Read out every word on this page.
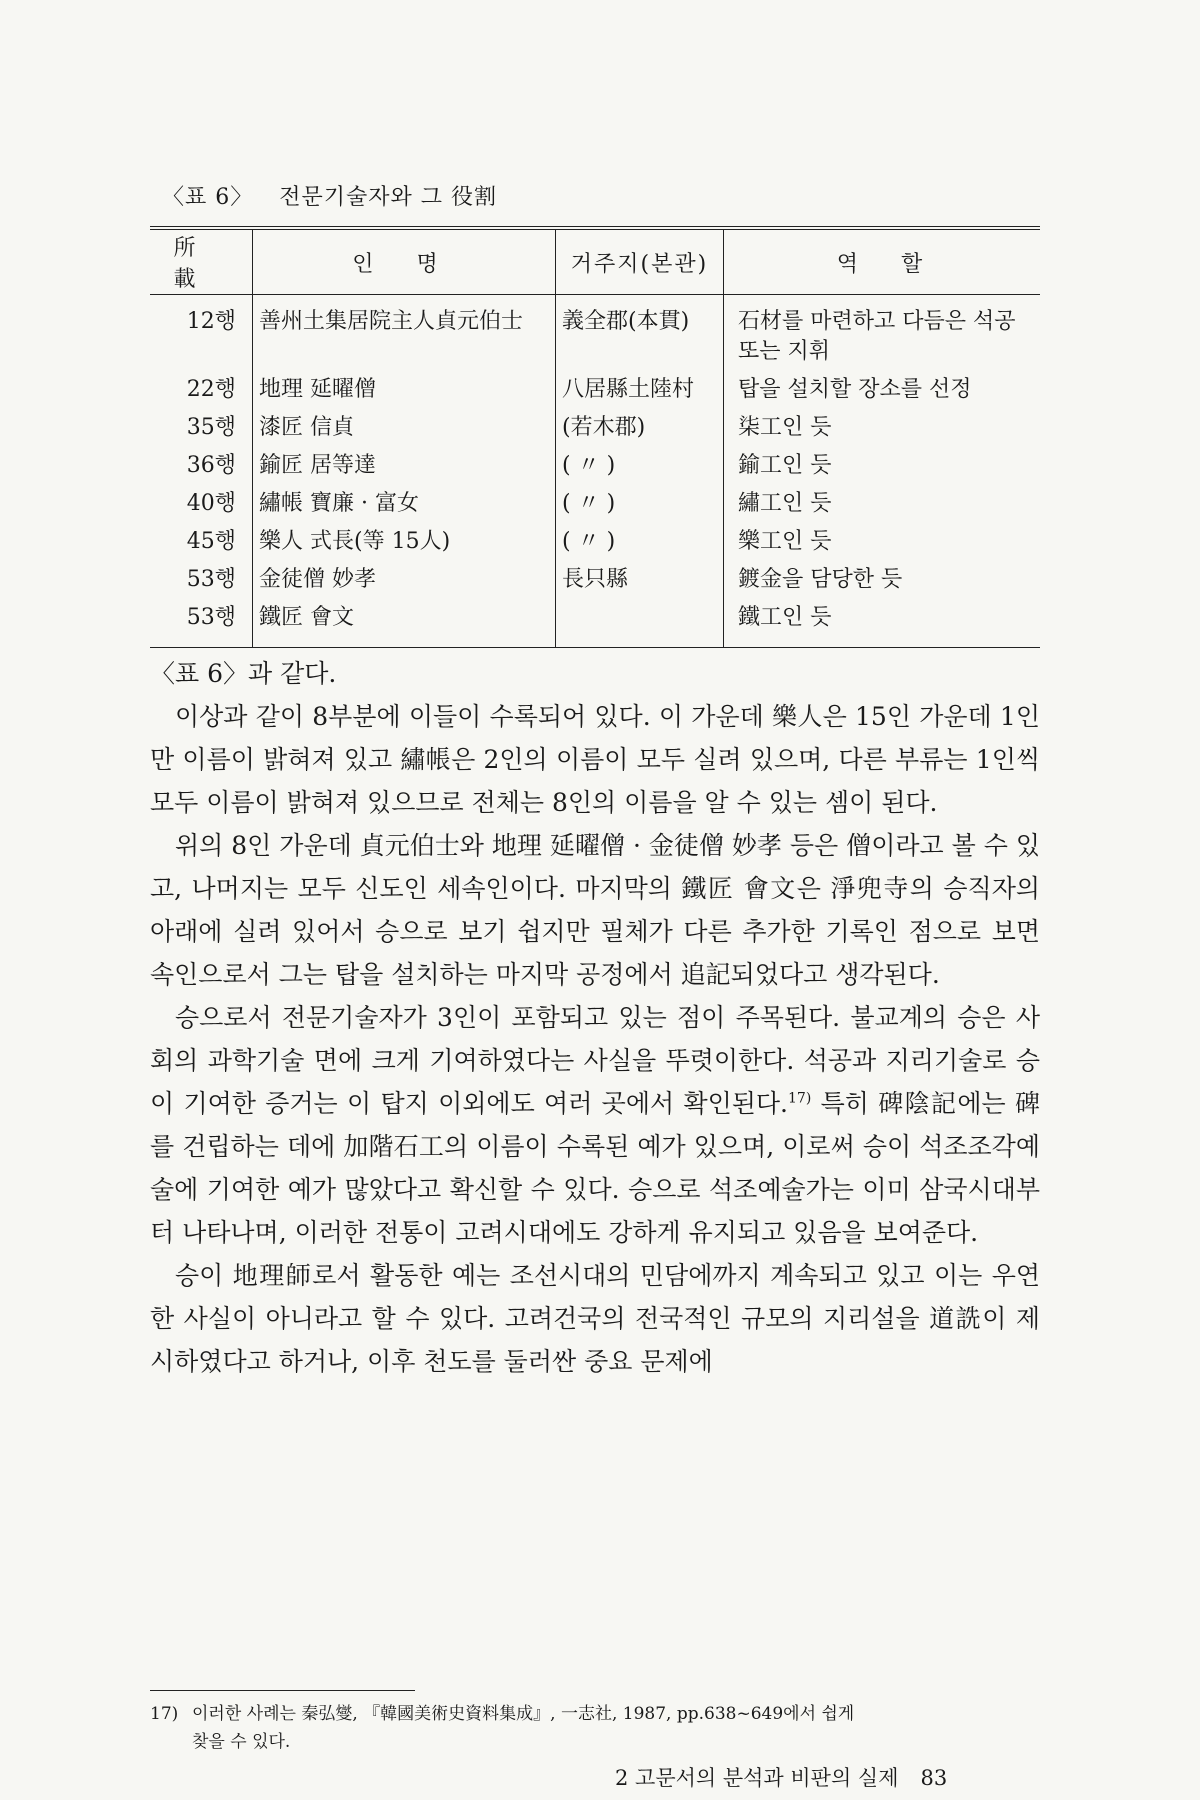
〈표 6〉 전문기술자와 그 役割
所 載	인 명	거주지(본관)	역 할
12행	善州土集居院主人貞元伯士	義全郡(本貫)	石材를 마련하고 다듬은 석공 또는 지휘
22행	地理 延曜僧	八居縣土陸村	탑을 설치할 장소를 선정
35행	漆匠 信貞	(若木郡)	柒工인 듯
36행	鍮匠 居等達	( 〃 )	鍮工인 듯
40행	繡帳 寶廉 · 富女	( 〃 )	繡工인 듯
45행	樂人 式長(等 15人)	( 〃 )	樂工인 듯
53행	金徒僧 妙孝	長只縣	鍍金을 담당한 듯
53행	鐵匠 會文		鐵工인 듯

〈표 6〉과 같다.

이상과 같이 8부분에 이들이 수록되어 있다. 이 가운데 樂人은 15인 가운데 1인만 이름이 밝혀져 있고 繡帳은 2인의 이름이 모두 실려 있으며, 다른 부류는 1인씩 모두 이름이 밝혀져 있으므로 전체는 8인의 이름을 알 수 있는 셈이 된다.

위의 8인 가운데 貞元伯士와 地理 延曜僧 · 金徒僧 妙孝 등은 僧이라고 볼 수 있고, 나머지는 모두 신도인 세속인이다. 마지막의 鐵匠 會文은 淨兜寺의 승직자의 아래에 실려 있어서 승으로 보기 쉽지만 필체가 다른 추가한 기록인 점으로 보면 속인으로서 그는 탑을 설치하는 마지막 공정에서 追記되었다고 생각된다.

승으로서 전문기술자가 3인이 포함되고 있는 점이 주목된다. 불교계의 승은 사회의 과학기술 면에 크게 기여하였다는 사실을 뚜렷이한다. 석공과 지리기술로 승이 기여한 증거는 이 탑지 이외에도 여러 곳에서 확인된다.$^{17)}$ 특히 碑陰記에는 碑를 건립하는 데에 加階石工의 이름이 수록된 예가 있으며, 이로써 승이 석조조각예술에 기여한 예가 많았다고 확신할 수 있다. 승으로 석조예술가는 이미 삼국시대부터 나타나며, 이러한 전통이 고려시대에도 강하게 유지되고 있음을 보여준다.

승이 地理師로서 활동한 예는 조선시대의 민담에까지 계속되고 있고 이는 우연한 사실이 아니라고 할 수 있다. 고려건국의 전국적인 규모의 지리설을 道詵이 제시하였다고 하거나, 이후 천도를 둘러싼 중요 문제에

17) 이러한 사례는 秦弘燮, 『韓國美術史資料集成』, 一志社, 1987, pp.638~649에서 쉽게
찾을 수 있다.
2 고문서의 분석과 비판의 실제 83
